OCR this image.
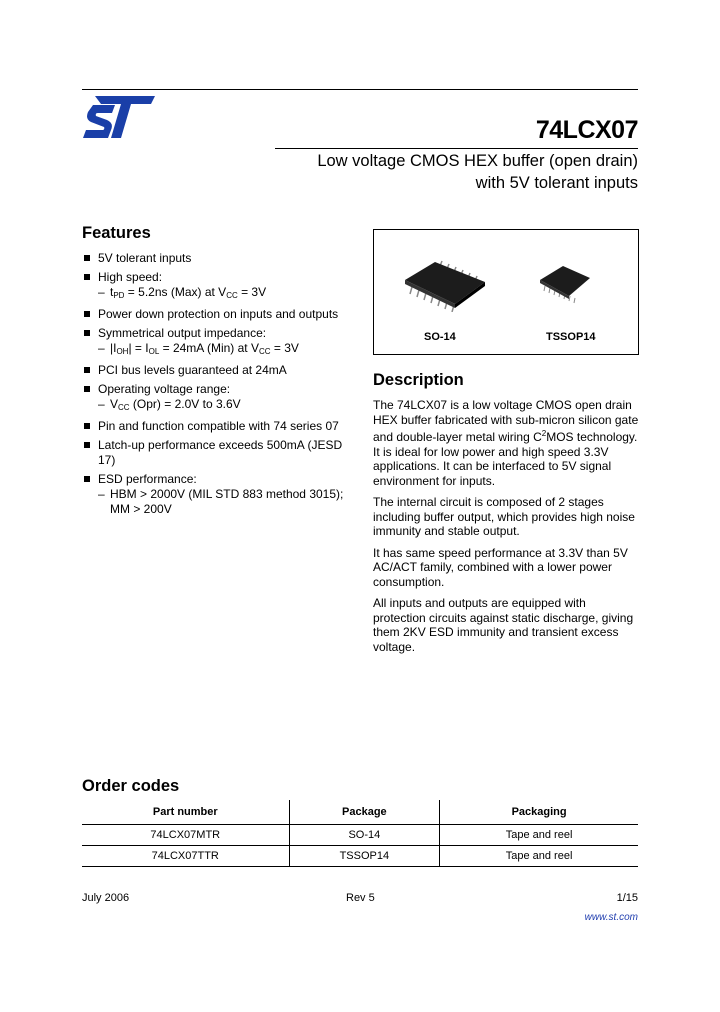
74LCX07
Low voltage CMOS HEX buffer (open drain)
with 5V tolerant inputs
Features
5V tolerant inputs
High speed:
– $t_{PD} = 5.2ns$ (Max) at $V_{CC} = 3V$
Power down protection on inputs and outputs
Symmetrical output impedance:
– $|I_{OH}| = I_{OL} = 24mA$ (Min) at $V_{CC} = 3V$
PCI bus levels guaranteed at 24mA
Operating voltage range:
– $V_{CC}$ (Opr) = 2.0V to 3.6V
Pin and function compatible with 74 series 07
Latch-up performance exceeds 500mA (JESD 17)
ESD performance:
– HBM > 2000V (MIL STD 883 method 3015); MM > 200V
SO-14	TSSOP14
Description

The 74LCX07 is a low voltage CMOS open drain HEX buffer fabricated with sub-micron silicon gate and double-layer metal wiring $C^2MOS$ technology. It is ideal for low power and high speed 3.3V applications. It can be interfaced to 5V signal environment for inputs.

The internal circuit is composed of 2 stages including buffer output, which provides high noise immunity and stable output.

It has same speed performance at 3.3V than 5V AC/ACT family, combined with a lower power consumption.

All inputs and outputs are equipped with protection circuits against static discharge, giving them 2KV ESD immunity and transient excess voltage.

Order codes
Part number	Package	Packaging
74LCX07MTR	SO-14	Tape and reel
74LCX07TTR	TSSOP14	Tape and reel
July 2006	Rev 5	1/15
www.st.com
